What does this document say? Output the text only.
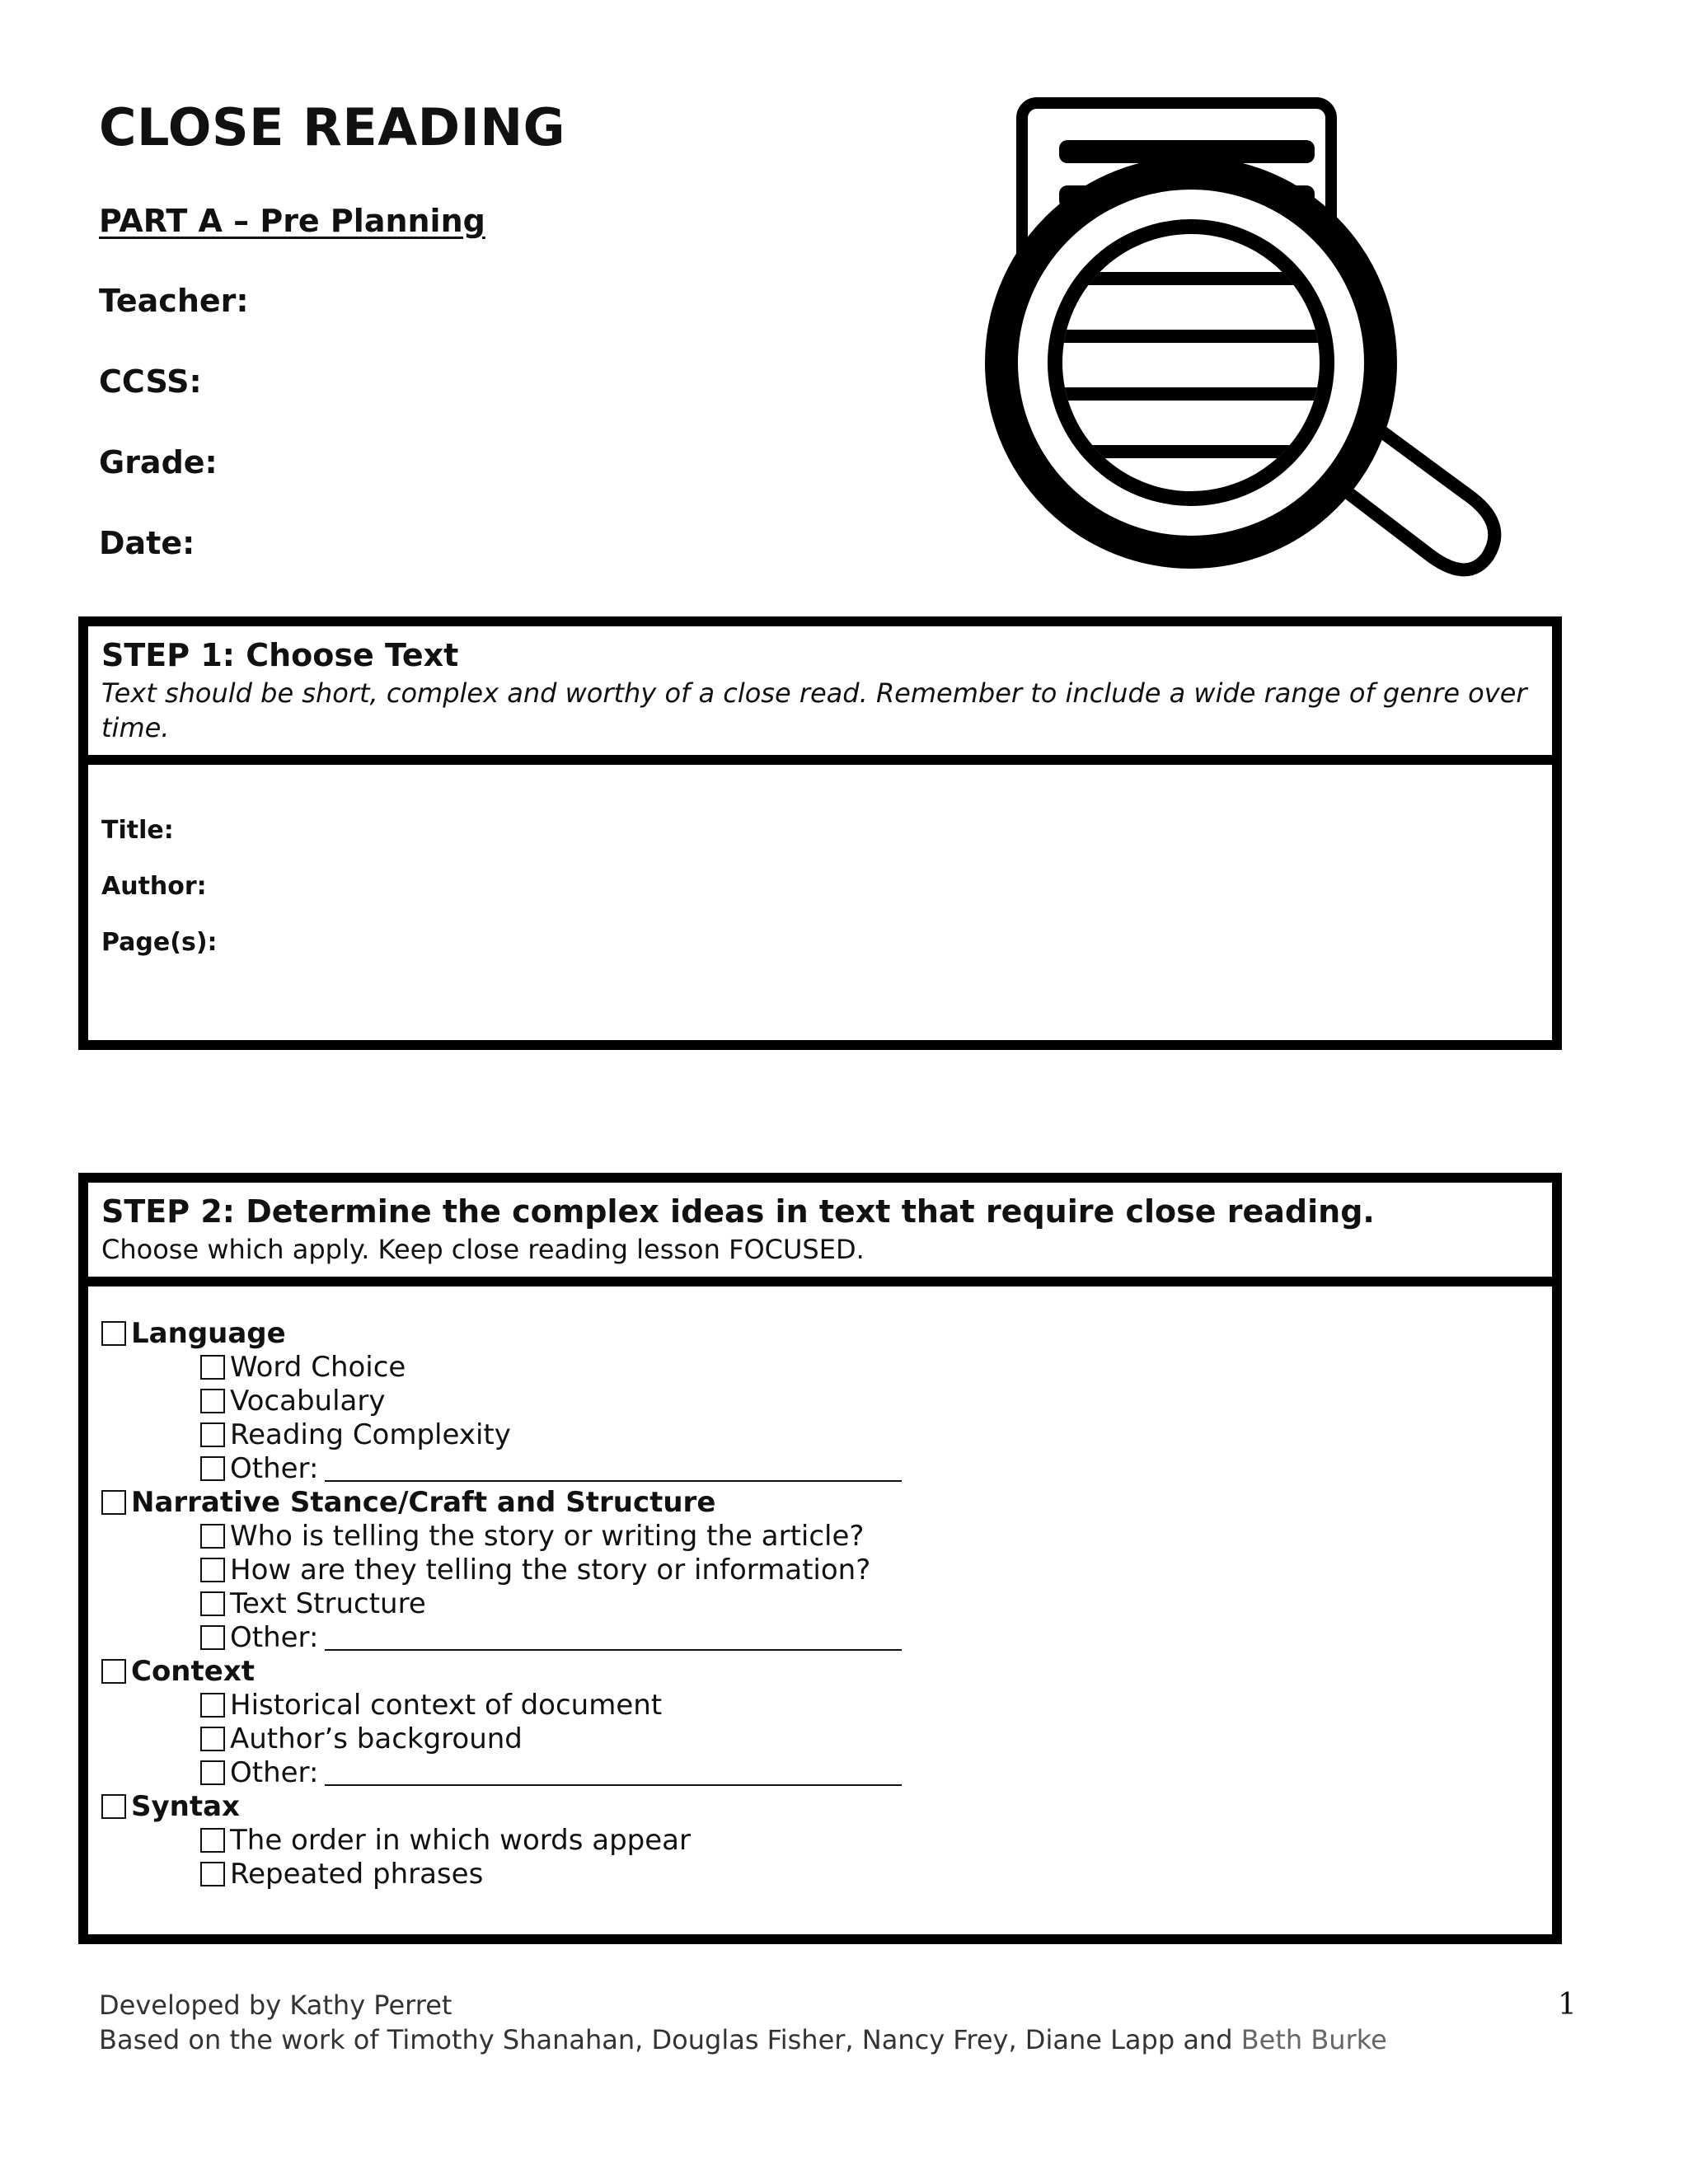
CLOSE READING
PART A – Pre Planning
Teacher:
CCSS:
Grade:
Date:
STEP 1: Choose Text
Text should be short, complex and worthy of a close read. Remember to include a wide range of genre over time.
Title:
Author:
Page(s):
STEP 2: Determine the complex ideas in text that require close reading.
Choose which apply. Keep close reading lesson FOCUSED.
Language
Word Choice
Vocabulary
Reading Complexity
Other:
Narrative Stance/Craft and Structure
Who is telling the story or writing the article?
How are they telling the story or information?
Text Structure
Other:
Context
Historical context of document
Author’s background
Other:
Syntax
The order in which words appear
Repeated phrases
Developed by Kathy Perret
Based on the work of Timothy Shanahan, Douglas Fisher, Nancy Frey, Diane Lapp and Beth Burke
1
